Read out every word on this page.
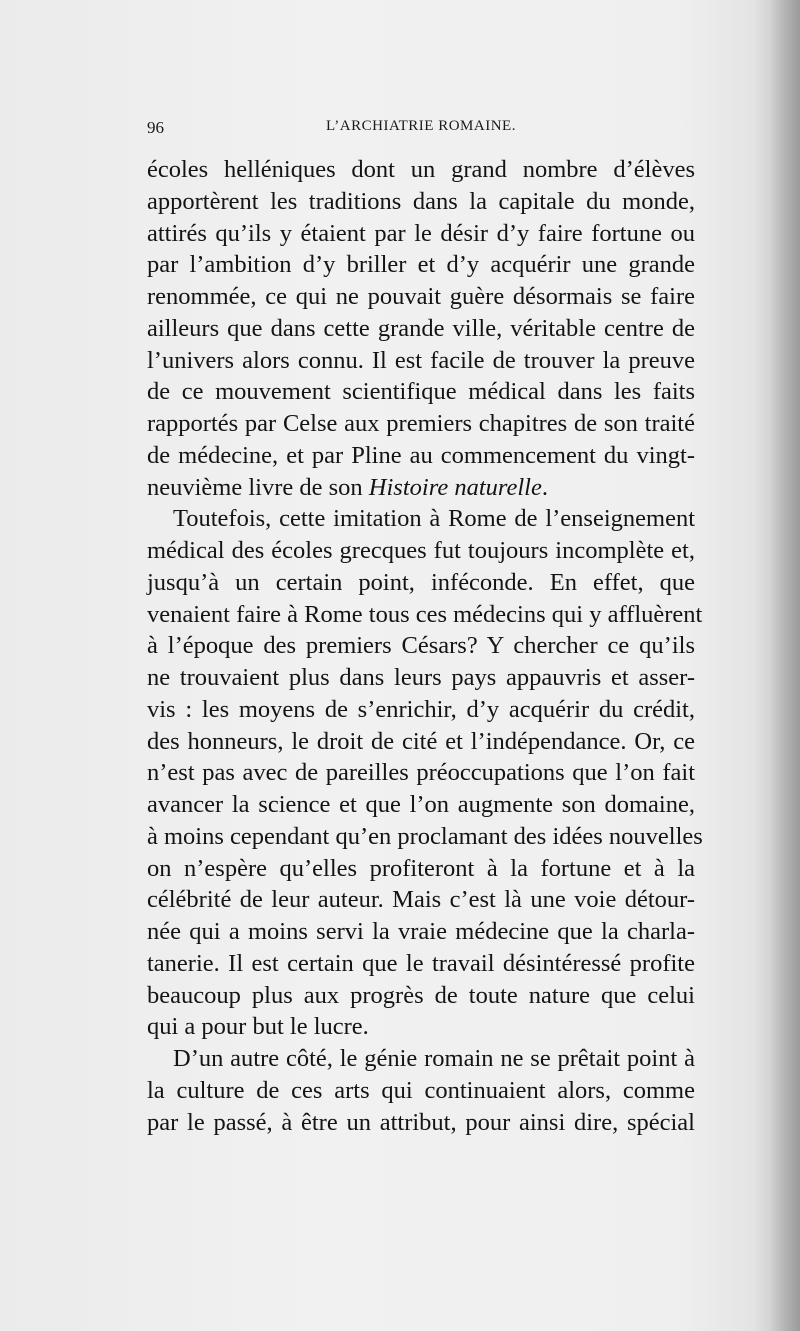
96	L’ARCHIATRIE ROMAINE.
écoles helléniques dont un grand nombre d’élèves
apportèrent les traditions dans la capitale du monde,
attirés qu’ils y étaient par le désir d’y faire fortune ou
par l’ambition d’y briller et d’y acquérir une grande
renommée, ce qui ne pouvait guère désormais se faire
ailleurs que dans cette grande ville, véritable centre de
l’univers alors connu. Il est facile de trouver la preuve
de ce mouvement scientifique médical dans les faits
rapportés par Celse aux premiers chapitres de son traité
de médecine, et par Pline au commencement du vingt-
neuvième livre de son Histoire naturelle.
Toutefois, cette imitation à Rome de l’enseignement
médical des écoles grecques fut toujours incomplète et,
jusqu’à un certain point, inféconde. En effet, que
venaient faire à Rome tous ces médecins qui y affluèrent
à l’époque des premiers Césars? Y chercher ce qu’ils
ne trouvaient plus dans leurs pays appauvris et asser-
vis : les moyens de s’enrichir, d’y acquérir du crédit,
des honneurs, le droit de cité et l’indépendance. Or, ce
n’est pas avec de pareilles préoccupations que l’on fait
avancer la science et que l’on augmente son domaine,
à moins cependant qu’en proclamant des idées nouvelles
on n’espère qu’elles profiteront à la fortune et à la
célébrité de leur auteur. Mais c’est là une voie détour-
née qui a moins servi la vraie médecine que la charla-
tanerie. Il est certain que le travail désintéressé profite
beaucoup plus aux progrès de toute nature que celui
qui a pour but le lucre.
D’un autre côté, le génie romain ne se prêtait point à
la culture de ces arts qui continuaient alors, comme
par le passé, à être un attribut, pour ainsi dire, spécial
